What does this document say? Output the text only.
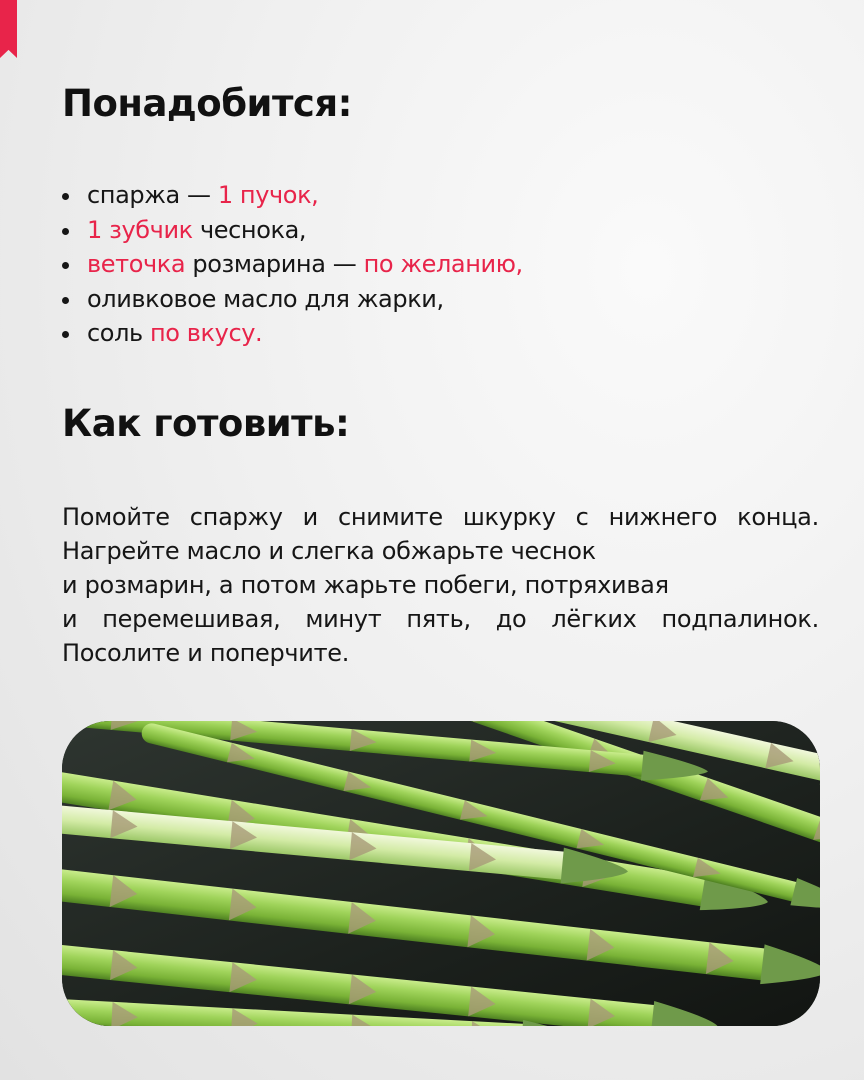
Понадобится:
спаржа — 1 пучок,
1 зубчик чеснока,
веточка розмарина — по желанию,
оливковое масло для жарки,
соль по вкусу.
Как готовить:
Помойте спаржу и снимите шкурку с нижнего конца.
Нагрейте масло и слегка обжарьте чеснок
и розмарин, а потом жарьте побеги, потряхивая
и перемешивая, минут пять, до лёгких подпалинок.
Посолите и поперчите.
